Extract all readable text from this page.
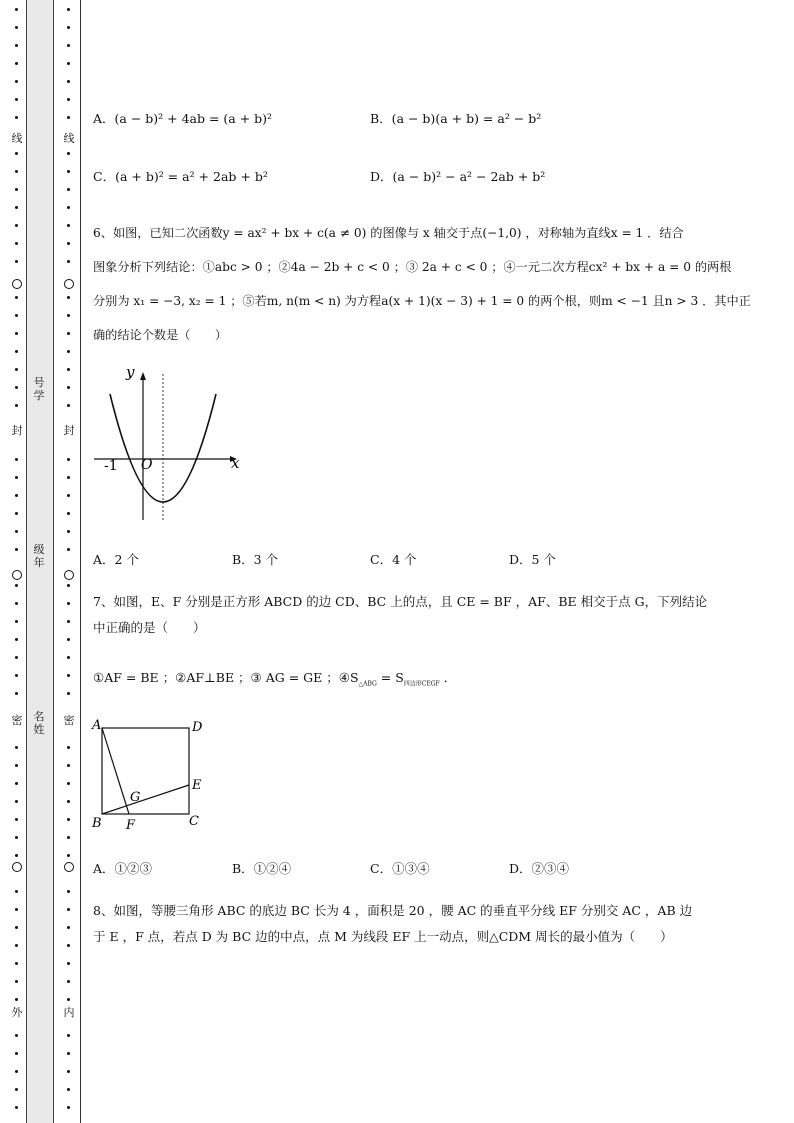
线
封
密
外
线
封
密
内
号
学
级
年
名
姓
A．(a − b)² + 4ab = (a + b)²	B．(a − b)(a + b) = a² − b²
C．(a + b)² = a² + 2ab + b²	D．(a − b)² − a² − 2ab + b²
6、如图，已知二次函数y = ax² + bx + c(a ≠ 0) 的图像与 x 轴交于点(−1,0) ，对称轴为直线x = 1 ．结合
图象分析下列结论：①abc > 0 ；②4a − 2b + c < 0 ；③ 2a + c < 0 ；④一元二次方程cx² + bx + a = 0 的两根
分别为 x₁ = −3, x₂ = 1 ；⑤若m, n(m < n) 为方程a(x + 1)(x − 3) + 1 = 0 的两个根，则m < −1 且n > 3 ．其中正
确的结论个数是（　　）
y
x
O
-1
A．2 个	B．3 个	C．4 个	D．5 个
7、如图，E、F 分别是正方形 ABCD 的边 CD、BC 上的点，且 CE = BF ，AF、BE 相交于点 G，下列结论
中正确的是（　　）
①AF = BE ；②AF⊥BE ；③ AG = GE ；$④S_{\triangle ABG} = S_{四边形CEGF}$ ．
A	D
E
B F
G
C
A．①②③	B．①②④	C．①③④	D．②③④
8、如图，等腰三角形 ABC 的底边 BC 长为 4 ，面积是 20 ，腰 AC 的垂直平分线 EF 分别交 AC ，AB 边
于 E ，F 点，若点 D 为 BC 边的中点，点 M 为线段 EF 上一动点，则△CDM 周长的最小值为（　　）
